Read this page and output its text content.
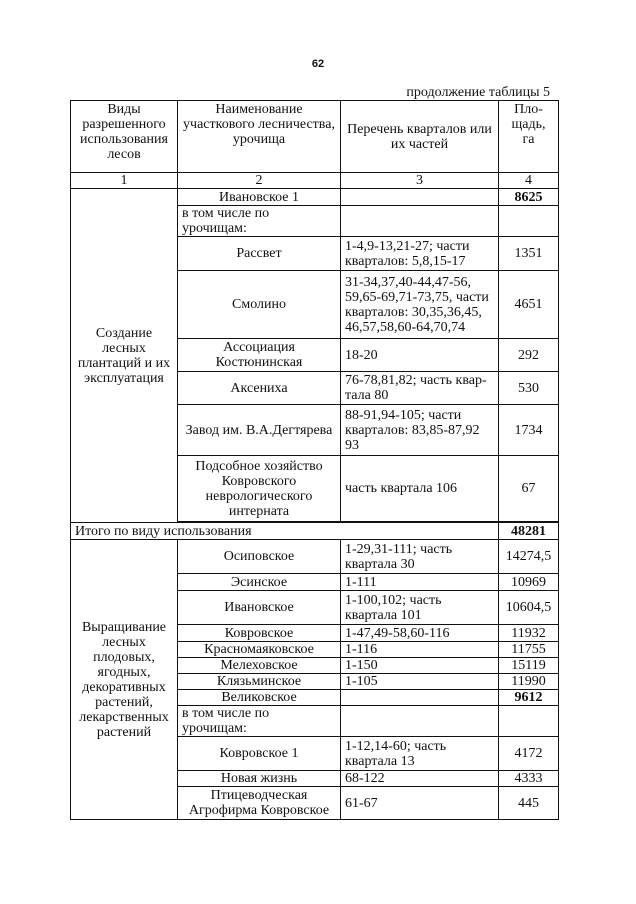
62
продолжение таблицы 5
Виды разрешенного использования лесов	Наименование участкового лесничества, урочища	Перечень кварталов или их частей	Пло-щадь, га
1	2	3	4
Создание лесных плантаций и их эксплуатация	Ивановское 1		8625
	в том числе по урочищам:		
	Рассвет	1-4,9-13,21-27; части кварталов: 5,8,15-17	1351
	Смолино	31-34,37,40-44,47-56, 59,65-69,71-73,75, части кварталов: 30,35,36,45, 46,57,58,60-64,70,74	4651
	Ассоциация Костюнинская	18-20	292
	Аксениха	76-78,81,82; часть квар-тала 80	530
	Завод им. В.А.Дегтярева	88-91,94-105; части кварталов: 83,85-87,92 93	1734
	Подсобное хозяйство Ковровского неврологического интерната	часть квартала 106	67

Итого по виду использования			48281
Выращивание лесных плодовых, ягодных, декоративных растений, лекарственных растений	Осиповское	1-29,31-111; часть квартала 30	14274,5
	Эсинское	1-111	10969
	Ивановское	1-100,102; часть квартала 101	10604,5
	Ковровское	1-47,49-58,60-116	11932
	Красномаяковское	1-116	11755
	Мелеховское	1-150	15119
	Клязьминское	1-105	11990
	Великовское		9612
	в том числе по урочищам:		
	Ковровское 1	1-12,14-60; часть квартала 13	4172
	Новая жизнь	68-122	4333
	Птицеводческая Агрофирма Ковровское	61-67	445
